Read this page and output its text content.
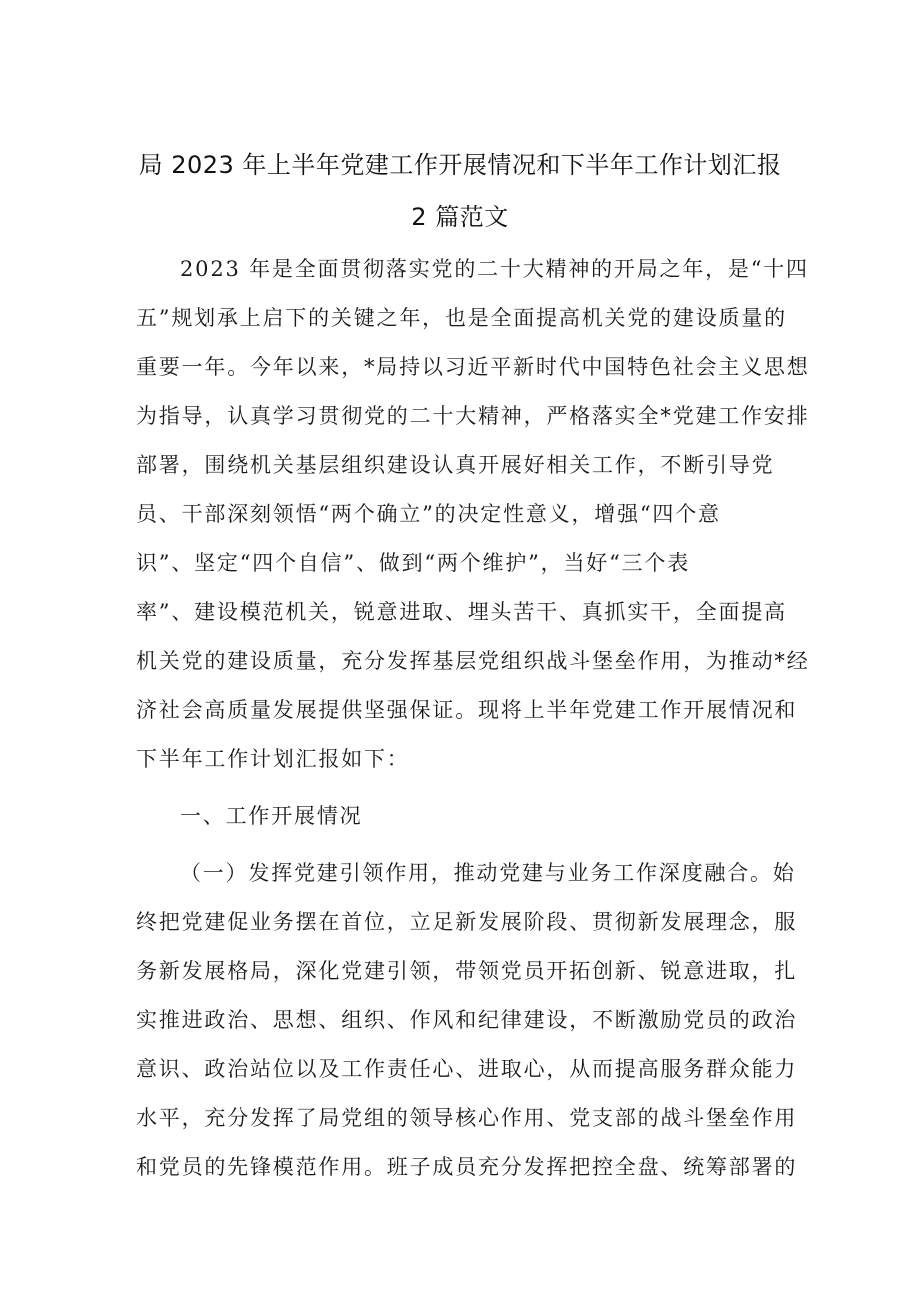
局 2023 年上半年党建工作开展情况和下半年工作计划汇报
2 篇范文
2023 年是全面贯彻落实党的二十大精神的开局之年，是“十四
五”规划承上启下的关键之年，也是全面提高机关党的建设质量的
重要一年。今年以来，*局持以习近平新时代中国特色社会主义思想
为指导，认真学习贯彻党的二十大精神，严格落实全*党建工作安排
部署，围绕机关基层组织建设认真开展好相关工作，不断引导党
员、干部深刻领悟“两个确立”的决定性意义，增强“四个意
识”、坚定“四个自信”、做到“两个维护”，当好“三个表
率”、建设模范机关，锐意进取、埋头苦干、真抓实干，全面提高
机关党的建设质量，充分发挥基层党组织战斗堡垒作用，为推动*经
济社会高质量发展提供坚强保证。现将上半年党建工作开展情况和
下半年工作计划汇报如下：
一、工作开展情况
（一）发挥党建引领作用，推动党建与业务工作深度融合。始
终把党建促业务摆在首位，立足新发展阶段、贯彻新发展理念，服
务新发展格局，深化党建引领，带领党员开拓创新、锐意进取，扎
实推进政治、思想、组织、作风和纪律建设，不断激励党员的政治
意识、政治站位以及工作责任心、进取心，从而提高服务群众能力
水平，充分发挥了局党组的领导核心作用、党支部的战斗堡垒作用
和党员的先锋模范作用。班子成员充分发挥把控全盘、统筹部署的
